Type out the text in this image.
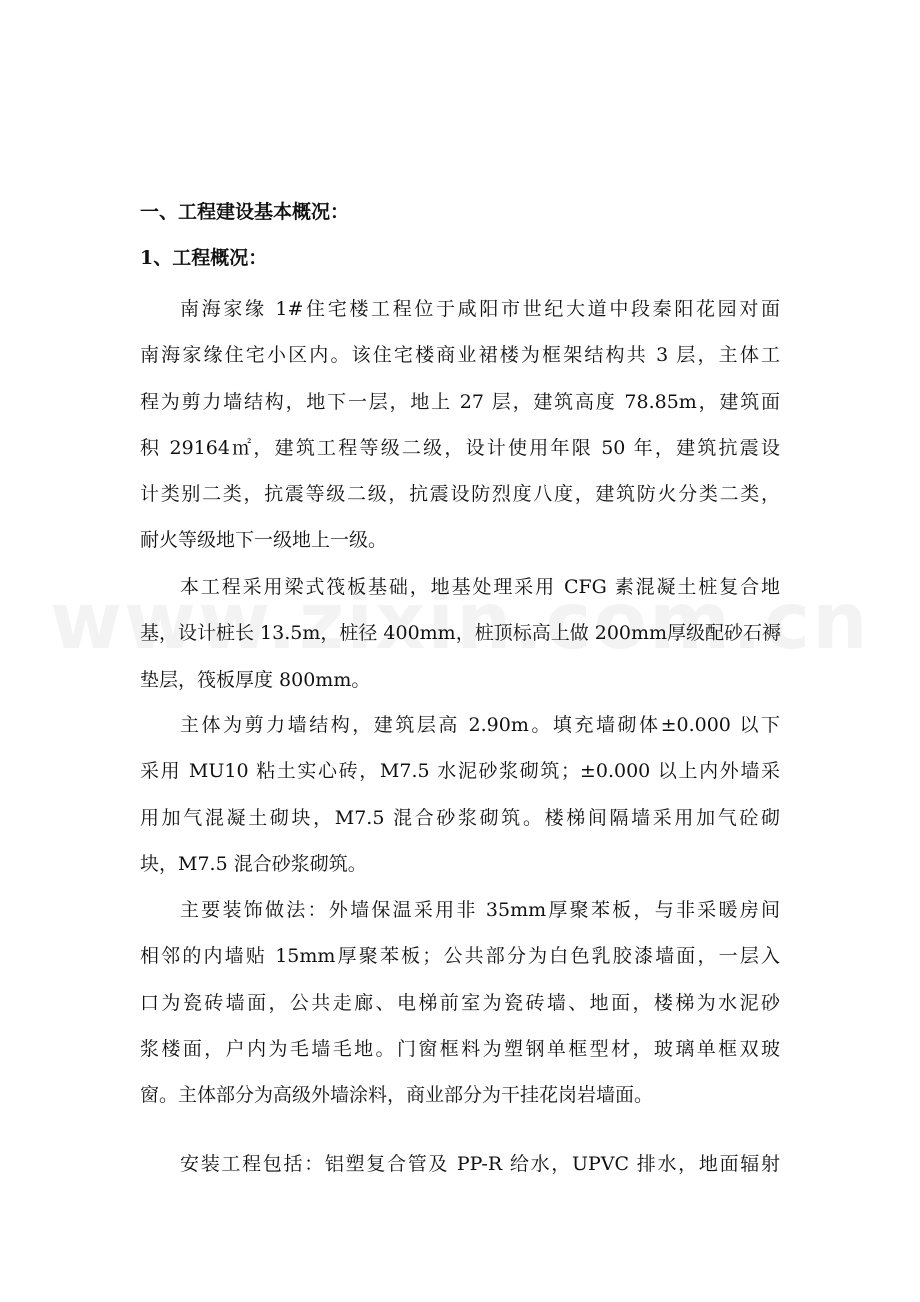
一、工程建设基本概况：
1、工程概况：
南海家缘 1#住宅楼工程位于咸阳市世纪大道中段秦阳花园对面
南海家缘住宅小区内。该住宅楼商业裙楼为框架结构共 3 层，主体工
程为剪力墙结构，地下一层，地上 27 层，建筑高度 78.85m，建筑面
积 29164㎡，建筑工程等级二级，设计使用年限 50 年，建筑抗震设
计类别二类，抗震等级二级，抗震设防烈度八度，建筑防火分类二类，
耐火等级地下一级地上一级。
本工程采用梁式筏板基础，地基处理采用 CFG 素混凝土桩复合地
基，设计桩长 13.5m，桩径 400mm，桩顶标高上做 200mm厚级配砂石褥
垫层，筏板厚度 800mm。
主体为剪力墙结构，建筑层高 2.90m。填充墙砌体±0.000 以下
采用 MU10 粘土实心砖，M7.5 水泥砂浆砌筑；±0.000 以上内外墙采
用加气混凝土砌块，M7.5 混合砂浆砌筑。楼梯间隔墙采用加气砼砌
块，M7.5 混合砂浆砌筑。
主要装饰做法：外墙保温采用非 35mm厚聚苯板，与非采暖房间
相邻的内墙贴 15mm厚聚苯板；公共部分为白色乳胶漆墙面，一层入
口为瓷砖墙面，公共走廊、电梯前室为瓷砖墙、地面，楼梯为水泥砂
浆楼面，户内为毛墙毛地。门窗框料为塑钢单框型材，玻璃单框双玻
窗。主体部分为高级外墙涂料，商业部分为干挂花岗岩墙面。
安装工程包括：铝塑复合管及 PP-R 给水，UPVC 排水，地面辐射
